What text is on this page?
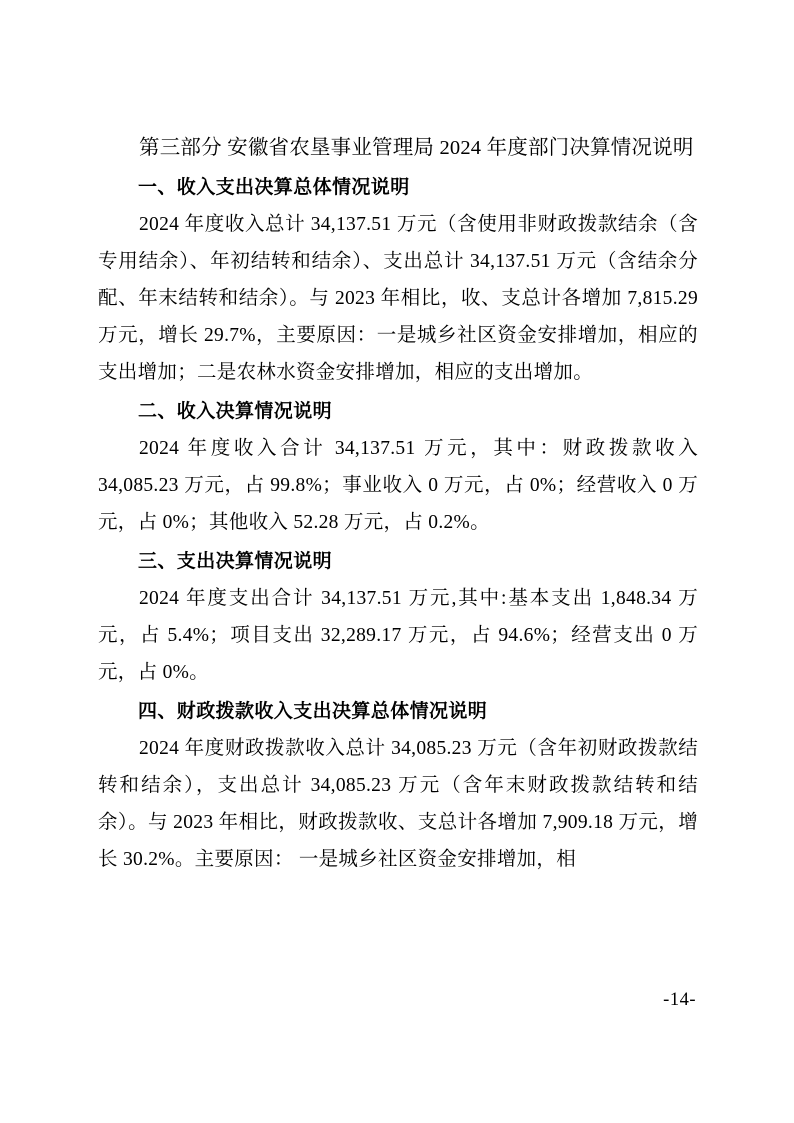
第三部分 安徽省农垦事业管理局 2024 年度部门决算情况说明

一、收入支出决算总体情况说明

2024 年度收入总计 34,137.51 万元（含使用非财政拨款结余（含专用结余）、年初结转和结余）、支出总计 34,137.51 万元（含结余分配、年末结转和结余）。与 2023 年相比，收、支总计各增加 7,815.29 万元，增长 29.7%，主要原因：一是城乡社区资金安排增加，相应的支出增加；二是农林水资金安排增加，相应的支出增加。

二、收入决算情况说明

2024 年度收入合计 34,137.51 万元，其中：财政拨款收入 34,085.23 万元，占 99.8%；事业收入 0 万元，占 0%；经营收入 0 万元，占 0%；其他收入 52.28 万元，占 0.2%。

三、支出决算情况说明

2024 年度支出合计 34,137.51 万元,其中:基本支出 1,848.34 万元，占 5.4%；项目支出 32,289.17 万元，占 94.6%；经营支出 0 万元，占 0%。

四、财政拨款收入支出决算总体情况说明

2024 年度财政拨款收入总计 34,085.23 万元（含年初财政拨款结转和结余），支出总计 34,085.23 万元（含年末财政拨款结转和结余）。与 2023 年相比，财政拨款收、支总计各增加 7,909.18 万元，增长 30.2%。主要原因： 一是城乡社区资金安排增加，相

-14-
